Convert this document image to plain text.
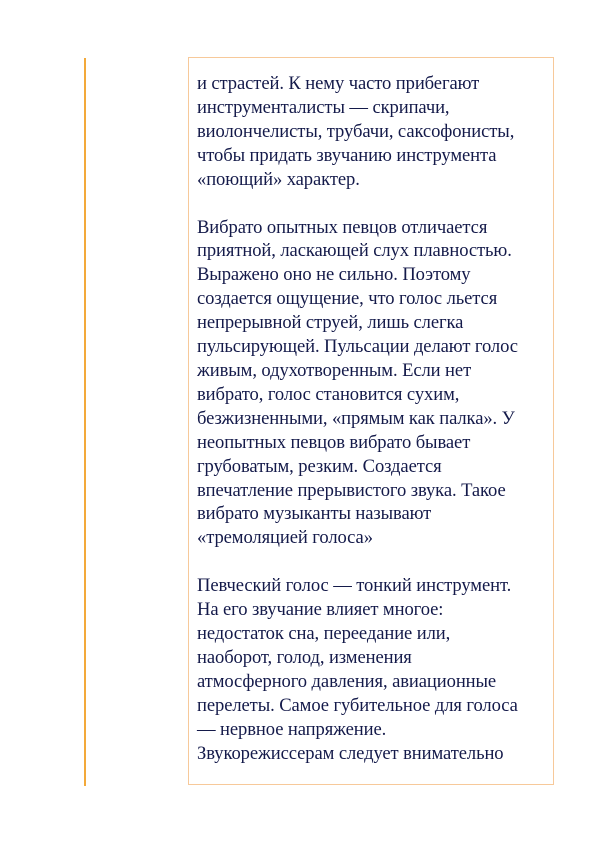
и страстей. К нему часто прибегают
инструменталисты — скрипачи,
виолончелисты, трубачи, саксофонисты,
чтобы придать звучанию инструмента
«поющий» характер.

Вибрато опытных певцов отличается
приятной, ласкающей слух плавностью.
Выражено оно не сильно. Поэтому
создается ощущение, что голос льется
непрерывной струей, лишь слегка
пульсирующей. Пульсации делают голос
живым, одухотворенным. Если нет
вибрато, голос становится сухим,
безжизненными, «прямым как палка». У
неопытных певцов вибрато бывает
грубоватым, резким. Создается
впечатление прерывистого звука. Такое
вибрато музыканты называют
«тремоляцией голоса»

Певческий голос — тонкий инструмент.
На его звучание влияет многое:
недостаток сна, переедание или,
наоборот, голод, изменения
атмосферного давления, авиационные
перелеты. Самое губительное для голоса
— нервное напряжение.
Звукорежиссерам следует внимательно
